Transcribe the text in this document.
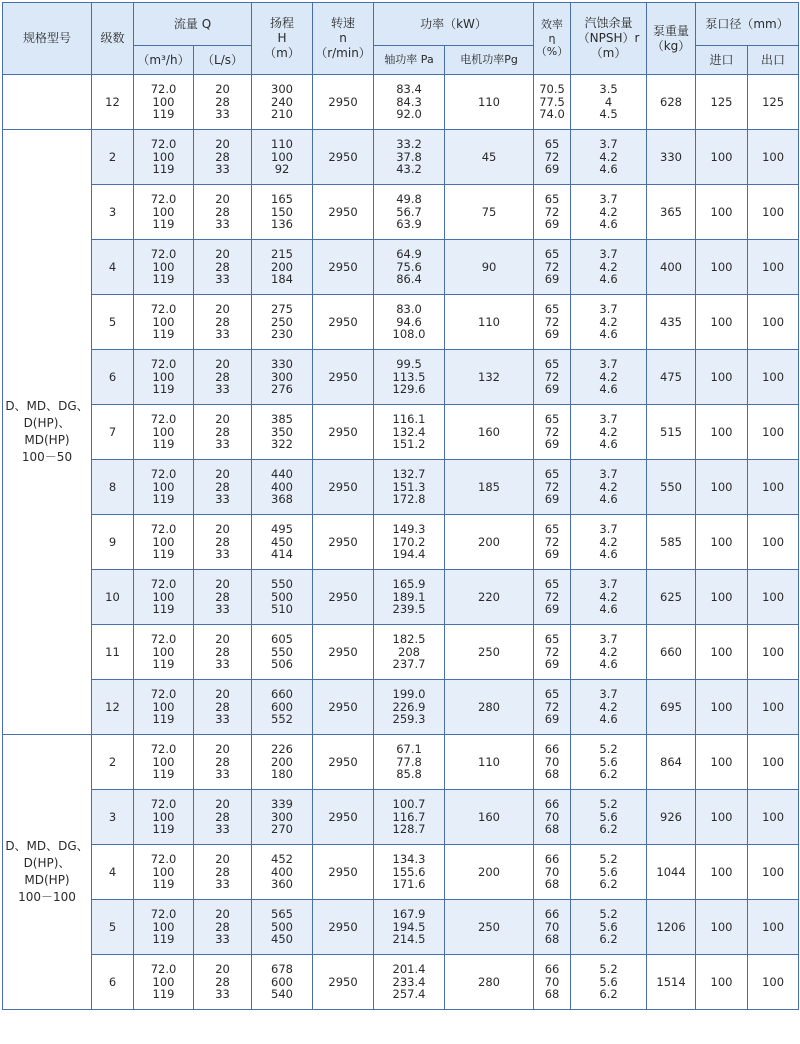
规格型号	级数	流量 Q		扬程
H
（m）	转速
n
（r/min）	功率（kW）		效率
η
（%）	汽蚀余量
（NPSH）r
（m）	泵重量
（kg）	泵口径（mm）	
		（m³/h）	（L/s）			轴功率 Pa	电机功率Pg				进口	出口

	12	72.0
100
119	20
28
33	300
240
210	2950	83.4
84.3
92.0	110	70.5
77.5
74.0	3.5
4
4.5	628	125	125

D、MD、DG、
D(HP)、
MD(HP)
100－50	2	72.0
100
119	20
28
33	110
100
92	2950	33.2
37.8
43.2	45	65
72
69	3.7
4.2
4.6	330	100	100

	3	72.0
100
119	20
28
33	165
150
136	2950	49.8
56.7
63.9	75	65
72
69	3.7
4.2
4.6	365	100	100

	4	72.0
100
119	20
28
33	215
200
184	2950	64.9
75.6
86.4	90	65
72
69	3.7
4.2
4.6	400	100	100

	5	72.0
100
119	20
28
33	275
250
230	2950	83.0
94.6
108.0	110	65
72
69	3.7
4.2
4.6	435	100	100

	6	72.0
100
119	20
28
33	330
300
276	2950	99.5
113.5
129.6	132	65
72
69	3.7
4.2
4.6	475	100	100

	7	72.0
100
119	20
28
33	385
350
322	2950	116.1
132.4
151.2	160	65
72
69	3.7
4.2
4.6	515	100	100

	8	72.0
100
119	20
28
33	440
400
368	2950	132.7
151.3
172.8	185	65
72
69	3.7
4.2
4.6	550	100	100

	9	72.0
100
119	20
28
33	495
450
414	2950	149.3
170.2
194.4	200	65
72
69	3.7
4.2
4.6	585	100	100

	10	72.0
100
119	20
28
33	550
500
510	2950	165.9
189.1
239.5	220	65
72
69	3.7
4.2
4.6	625	100	100

	11	72.0
100
119	20
28
33	605
550
506	2950	182.5
208
237.7	250	65
72
69	3.7
4.2
4.6	660	100	100

	12	72.0
100
119	20
28
33	660
600
552	2950	199.0
226.9
259.3	280	65
72
69	3.7
4.2
4.6	695	100	100

D、MD、DG、
D(HP)、
MD(HP)
100－100	2	72.0
100
119	20
28
33	226
200
180	2950	67.1
77.8
85.8	110	66
70
68	5.2
5.6
6.2	864	100	100

	3	72.0
100
119	20
28
33	339
300
270	2950	100.7
116.7
128.7	160	66
70
68	5.2
5.6
6.2	926	100	100

	4	72.0
100
119	20
28
33	452
400
360	2950	134.3
155.6
171.6	200	66
70
68	5.2
5.6
6.2	1044	100	100

	5	72.0
100
119	20
28
33	565
500
450	2950	167.9
194.5
214.5	250	66
70
68	5.2
5.6
6.2	1206	100	100

	6	72.0
100
119	20
28
33	678
600
540	2950	201.4
233.4
257.4	280	66
70
68	5.2
5.6
6.2	1514	100	100
